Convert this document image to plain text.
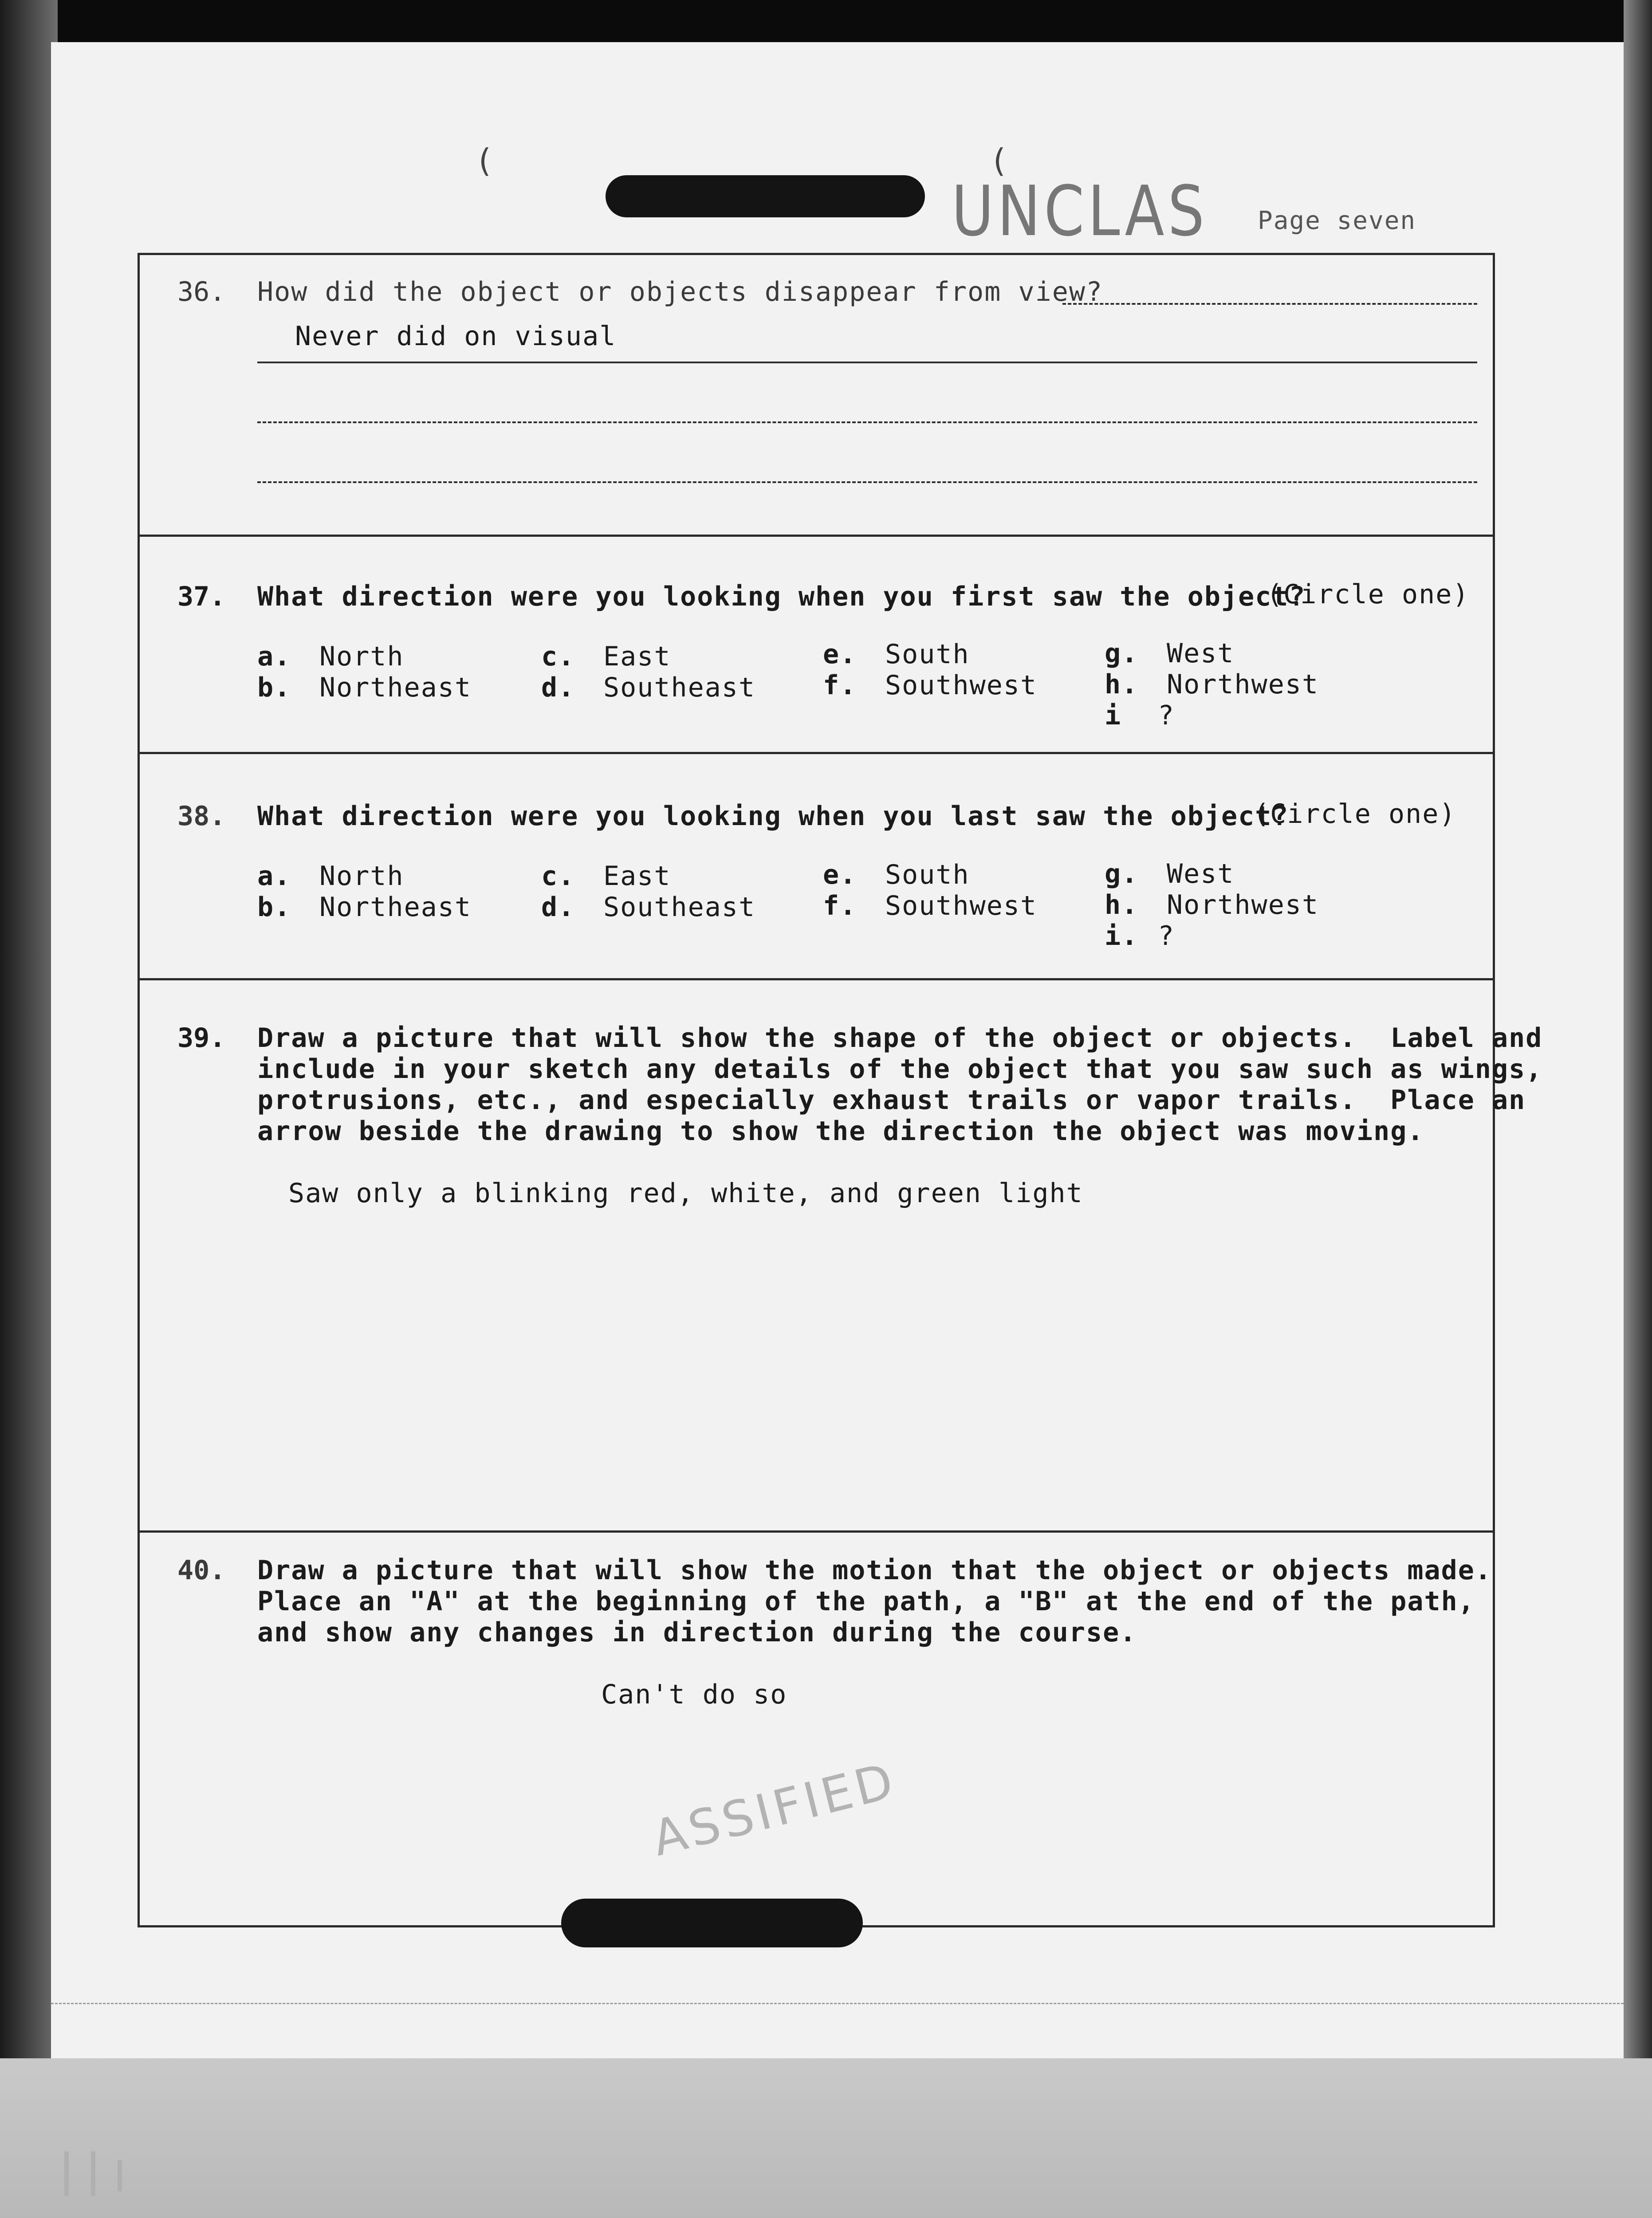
(	(
Page seven
UNCLAS
36. How did the object or objects disappear from view?
Never did on visual
37. What direction were you looking when you first saw the object?
(Circle one)
a. North
b. Northeast
c. East
d. Southeast
e. South
f. Southwest
g. West
h. Northwest
i ?
38. What direction were you looking when you last saw the object?
(Circle one)
a. North
b. Northeast
c. East
d. Southeast
e. South
f. Southwest
g. West
h. Northwest
i. ?
39. Draw a picture that will show the shape of the object or objects.  Label and
include in your sketch any details of the object that you saw such as wings,
protrusions, etc., and especially exhaust trails or vapor trails.  Place an
arrow beside the drawing to show the direction the object was moving.
Saw only a blinking red, white, and green light
40. Draw a picture that will show the motion that the object or objects made.
Place an "A" at the beginning of the path, a "B" at the end of the path,
and show any changes in direction during the course.
Can't do so
ASSIFIED
